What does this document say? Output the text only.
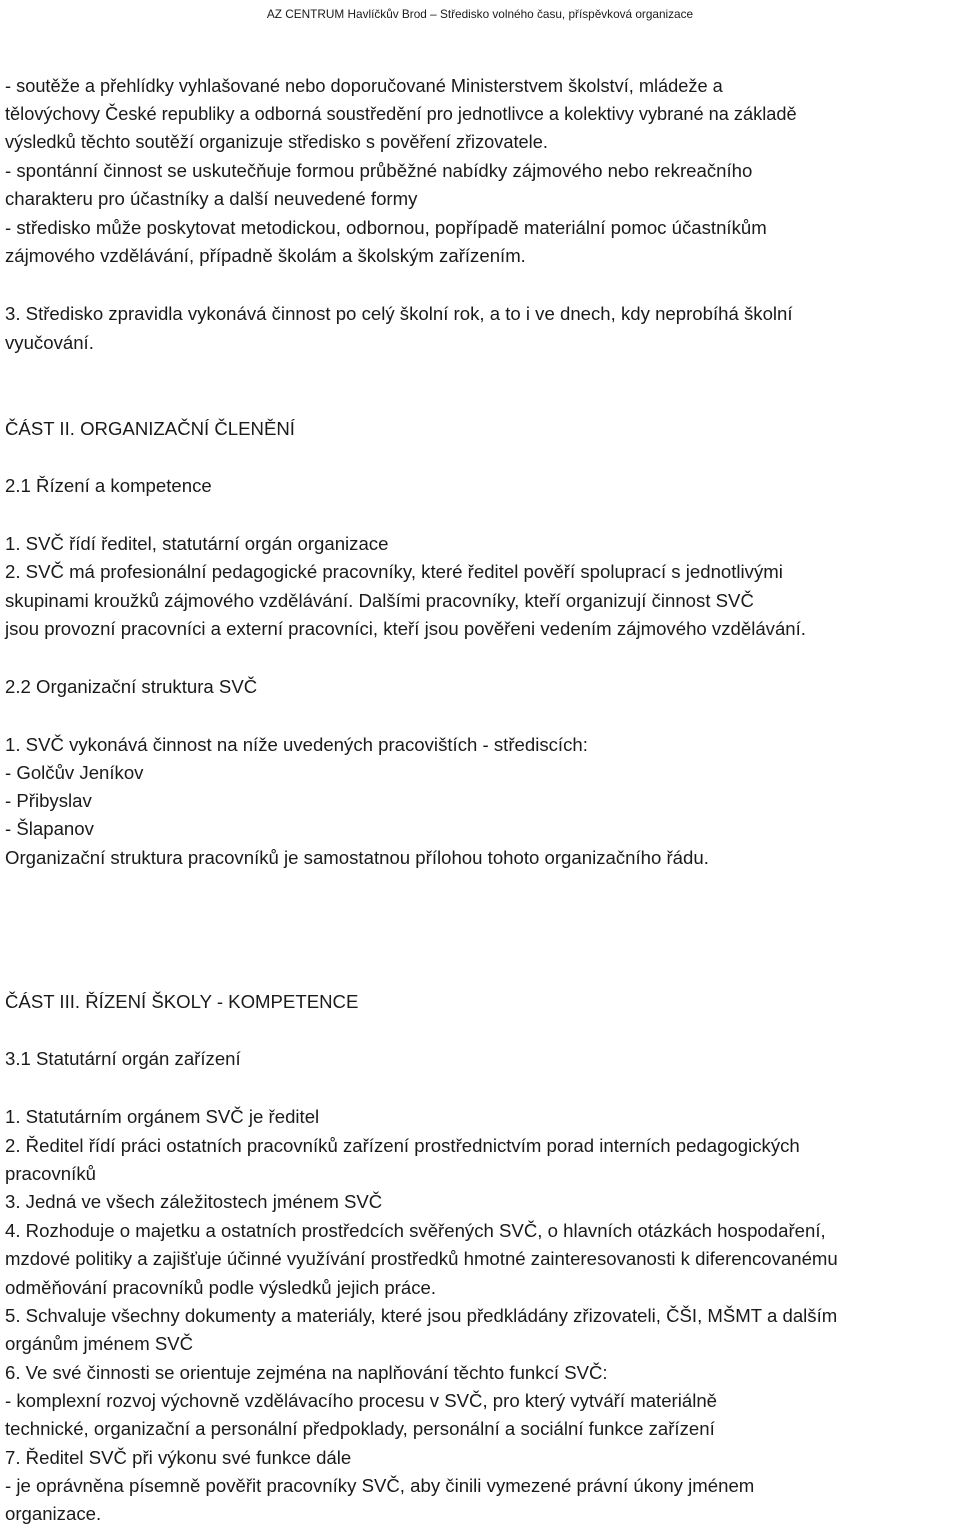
AZ CENTRUM Havlíčkův Brod – Středisko volného času, příspěvková organizace
- soutěže a přehlídky vyhlašované nebo doporučované Ministerstvem školství, mládeže a
tělovýchovy České republiky a odborná soustředění pro jednotlivce a kolektivy vybrané na základě
výsledků těchto soutěží organizuje středisko s pověření zřizovatele.
- spontánní činnost se uskutečňuje formou průběžné nabídky zájmového nebo rekreačního
charakteru pro účastníky a další neuvedené formy
- středisko může poskytovat metodickou, odbornou, popřípadě materiální pomoc účastníkům
zájmového vzdělávání, případně školám a školským zařízením.
3. Středisko zpravidla vykonává činnost po celý školní rok, a to i ve dnech, kdy neprobíhá školní
vyučování.
ČÁST II. ORGANIZAČNÍ ČLENĚNÍ
2.1 Řízení a kompetence
1. SVČ řídí ředitel, statutární orgán organizace
2. SVČ má profesionální pedagogické pracovníky, které ředitel pověří spoluprací s jednotlivými
skupinami kroužků zájmového vzdělávání. Dalšími pracovníky, kteří organizují činnost SVČ
jsou provozní pracovníci a externí pracovníci, kteří jsou pověřeni vedením zájmového vzdělávání.
2.2 Organizační struktura SVČ
1. SVČ vykonává činnost na níže uvedených pracovištích - střediscích:
- Golčův Jeníkov
- Přibyslav
- Šlapanov
Organizační struktura pracovníků je samostatnou přílohou tohoto organizačního řádu.
ČÁST III. ŘÍZENÍ ŠKOLY - KOMPETENCE
3.1 Statutární orgán zařízení
1. Statutárním orgánem SVČ je ředitel
2. Ředitel řídí práci ostatních pracovníků zařízení prostřednictvím porad interních pedagogických
pracovníků
3. Jedná ve všech záležitostech jménem SVČ
4. Rozhoduje o majetku a ostatních prostředcích svěřených SVČ, o hlavních otázkách hospodaření,
mzdové politiky a zajišťuje účinné využívání prostředků hmotné zainteresovanosti k diferencovanému
odměňování pracovníků podle výsledků jejich práce.
5. Schvaluje všechny dokumenty a materiály, které jsou předkládány zřizovateli, ČŠI, MŠMT a dalším
orgánům jménem SVČ
6. Ve své činnosti se orientuje zejména na naplňování těchto funkcí SVČ:
- komplexní rozvoj výchovně vzdělávacího procesu v SVČ, pro který vytváří materiálně
technické, organizační a personální předpoklady, personální a sociální funkce zařízení
7. Ředitel SVČ při výkonu své funkce dále
- je oprávněna písemně pověřit pracovníky SVČ, aby činili vymezené právní úkony jménem
organizace.
